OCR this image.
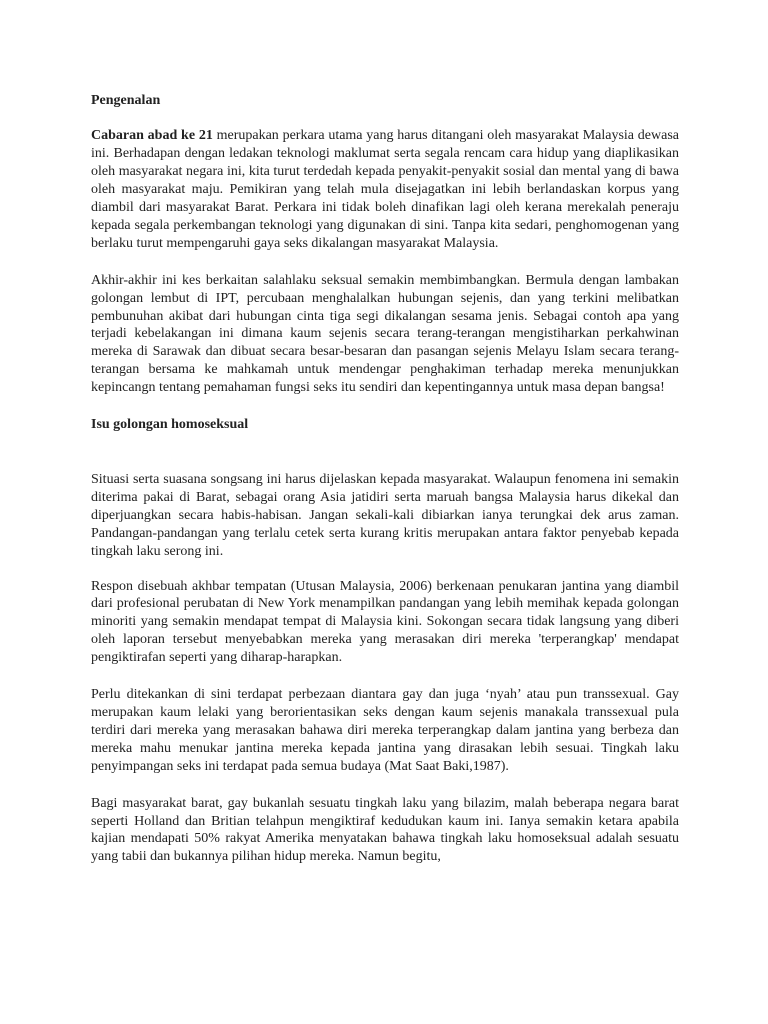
Pengenalan

Cabaran abad ke 21 merupakan perkara utama yang harus ditangani oleh masyarakat Malaysia dewasa ini. Berhadapan dengan ledakan teknologi maklumat serta segala rencam cara hidup yang diaplikasikan oleh masyarakat negara ini, kita turut terdedah kepada penyakit-penyakit sosial dan mental yang di bawa oleh masyarakat maju. Pemikiran yang telah mula disejagatkan ini lebih berlandaskan korpus yang diambil dari masyarakat Barat. Perkara ini tidak boleh dinafikan lagi oleh kerana merekalah peneraju kepada segala perkembangan teknologi yang digunakan di sini. Tanpa kita sedari, penghomogenan yang berlaku turut mempengaruhi gaya seks dikalangan masyarakat Malaysia.

Akhir-akhir ini kes berkaitan salahlaku seksual semakin membimbangkan. Bermula dengan lambakan golongan lembut di IPT, percubaan menghalalkan hubungan sejenis, dan yang terkini melibatkan pembunuhan akibat dari hubungan cinta tiga segi dikalangan sesama jenis. Sebagai contoh apa yang terjadi kebelakangan ini dimana kaum sejenis secara terang-terangan mengistiharkan perkahwinan mereka di Sarawak dan dibuat secara besar-besaran dan pasangan sejenis Melayu Islam secara terang-terangan bersama ke mahkamah untuk mendengar penghakiman terhadap mereka menunjukkan kepincangn tentang pemahaman fungsi seks itu sendiri dan kepentingannya untuk masa depan bangsa!

Isu golongan homoseksual

Situasi serta suasana songsang ini harus dijelaskan kepada masyarakat. Walaupun fenomena ini semakin diterima pakai di Barat, sebagai orang Asia jatidiri serta maruah bangsa Malaysia harus dikekal dan diperjuangkan secara habis-habisan. Jangan sekali-kali dibiarkan ianya terungkai dek arus zaman. Pandangan-pandangan yang terlalu cetek serta kurang kritis merupakan antara faktor penyebab kepada tingkah laku serong ini.

Respon disebuah akhbar tempatan (Utusan Malaysia, 2006) berkenaan penukaran jantina yang diambil dari profesional perubatan di New York menampilkan pandangan yang lebih memihak kepada golongan minoriti yang semakin mendapat tempat di Malaysia kini. Sokongan secara tidak langsung yang diberi oleh laporan tersebut menyebabkan mereka yang merasakan diri mereka 'terperangkap' mendapat pengiktirafan seperti yang diharap-harapkan.

Perlu ditekankan di sini terdapat perbezaan diantara gay dan juga ‘nyah’ atau pun transsexual. Gay merupakan kaum lelaki yang berorientasikan seks dengan kaum sejenis manakala transsexual pula terdiri dari mereka yang merasakan bahawa diri mereka terperangkap dalam jantina yang berbeza dan mereka mahu menukar jantina mereka kepada jantina yang dirasakan lebih sesuai. Tingkah laku penyimpangan seks ini terdapat pada semua budaya (Mat Saat Baki,1987).

Bagi masyarakat barat, gay bukanlah sesuatu tingkah laku yang bilazim, malah beberapa negara barat seperti Holland dan Britian telahpun mengiktiraf kedudukan kaum ini. Ianya semakin ketara apabila kajian mendapati 50% rakyat Amerika menyatakan bahawa tingkah laku homoseksual adalah sesuatu yang tabii dan bukannya pilihan hidup mereka. Namun begitu,
